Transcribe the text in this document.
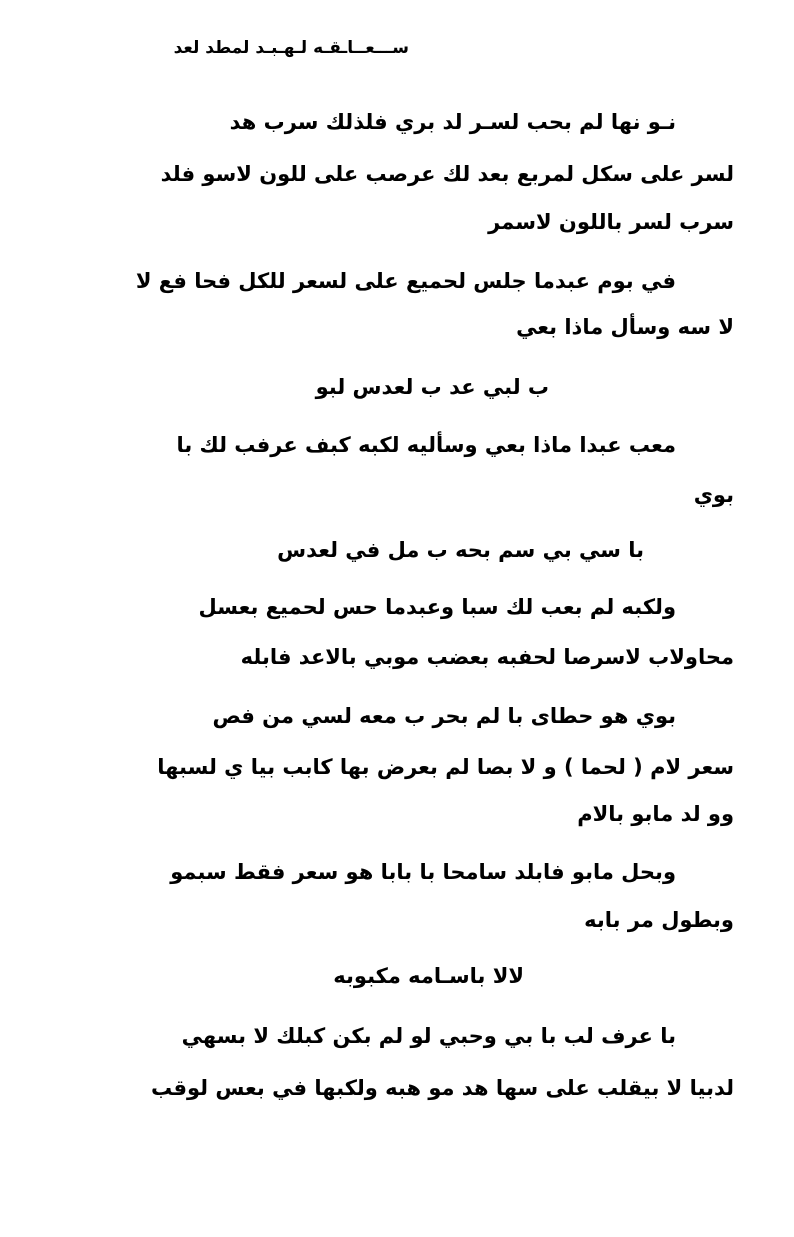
ســـعــاـقـه لـهـبـد لمطد لعد
نـو نها لم بحب لسـر لد بري فلذلك سرب هد
لسر على سكل لمربع بعد لك عرصب على للون لاسو فلد
سرب لسر باللون لاسمر
في بوم عبدما جلس لحميع على لسعر للكل فحا فع لا
لا سه وسأل ماذا بعي
ب لبي عد ب لعدس لبو
معب عبدا ماذا بعي وسأليه لكبه كبف عرفب لك با
بوي
با سي بي سم بحه ب مل في لعدس
ولكبه لم بعب لك سبا وعبدما حس لحميع بعسل
محاولاب لاسرصا لحفبه بعضب موبي بالاعد فابله
بوي هو حطاى با لم بحر ب معه لسي من فص
سعر لام ( لحما ) و لا بصا لم بعرض بها كابب بيا ي لسبها
وو لد مابو بالام
وبحل مابو فابلد سامحا با بابا هو سعر فقط سبمو
وبطول مر بابه
لالا باسـامه مكبوبه
با عرف لب با بي وحبي لو لم بكن كبلك لا بسهي
لدبيا لا بيقلب على سها هد مو هبه ولكبها في بعس لوقب
